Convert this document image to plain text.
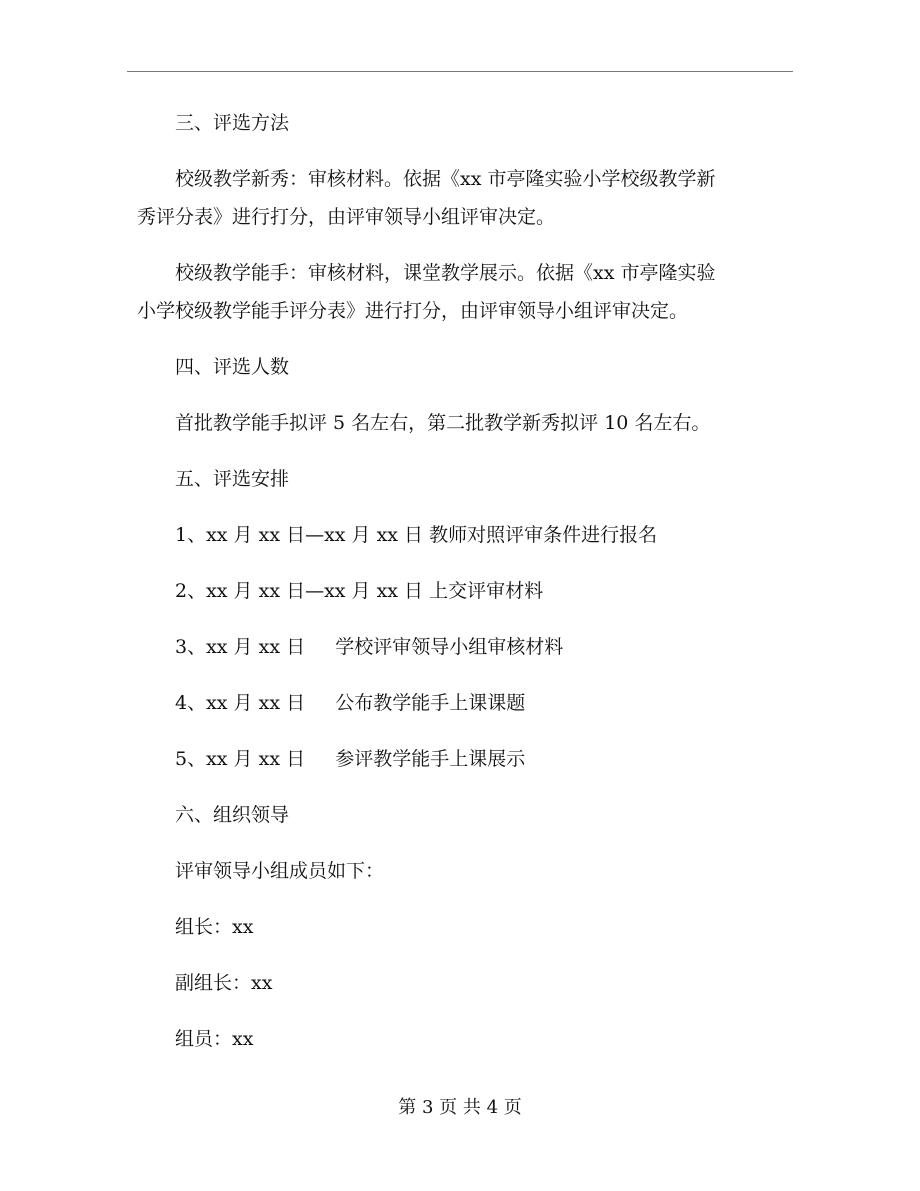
三、评选方法
校级教学新秀：审核材料。依据《xx 市亭隆实验小学校级教学新
秀评分表》进行打分，由评审领导小组评审决定。
校级教学能手：审核材料，课堂教学展示。依据《xx 市亭隆实验
小学校级教学能手评分表》进行打分，由评审领导小组评审决定。
四、评选人数
首批教学能手拟评 5 名左右，第二批教学新秀拟评 10 名左右。
五、评选安排
1、xx 月 xx 日—xx 月 xx 日 教师对照评审条件进行报名
2、xx 月 xx 日—xx 月 xx 日 上交评审材料
3、xx 月 xx 日     学校评审领导小组审核材料
4、xx 月 xx 日     公布教学能手上课课题
5、xx 月 xx 日     参评教学能手上课展示
六、组织领导
评审领导小组成员如下：
组长：xx
副组长：xx
组员：xx
第 3 页 共 4 页
